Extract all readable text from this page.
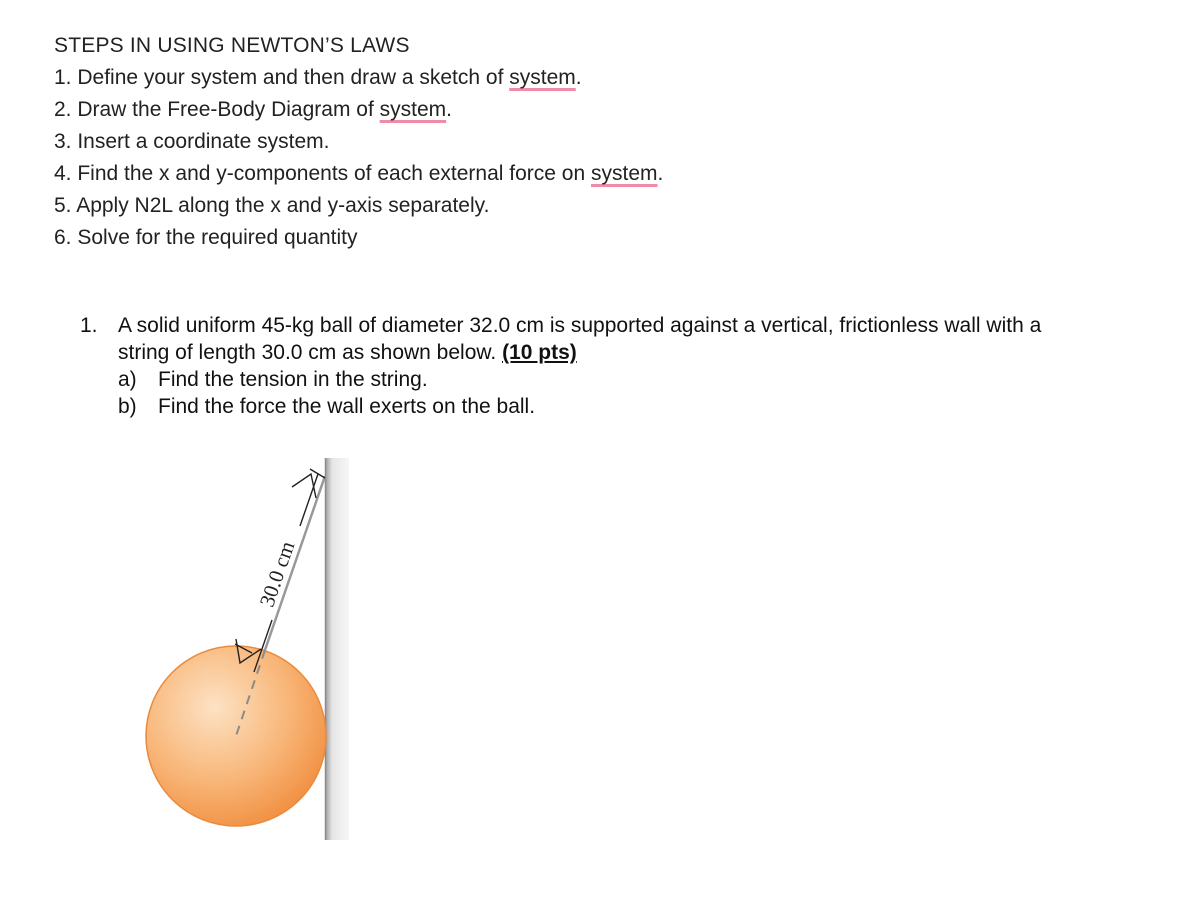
STEPS IN USING NEWTON’S LAWS
1. Define your system and then draw a sketch of system.
2. Draw the Free-Body Diagram of system.
3. Insert a coordinate system.
4. Find the x and y-components of each external force on system.
5. Apply N2L along the x and y-axis separately.
6. Solve for the required quantity
1. A solid uniform 45-kg ball of diameter 32.0 cm is supported against a vertical, frictionless wall with a string of length 30.0 cm as shown below. (10 pts)
a) Find the tension in the string.
b) Find the force the wall exerts on the ball.
30.0 cm
